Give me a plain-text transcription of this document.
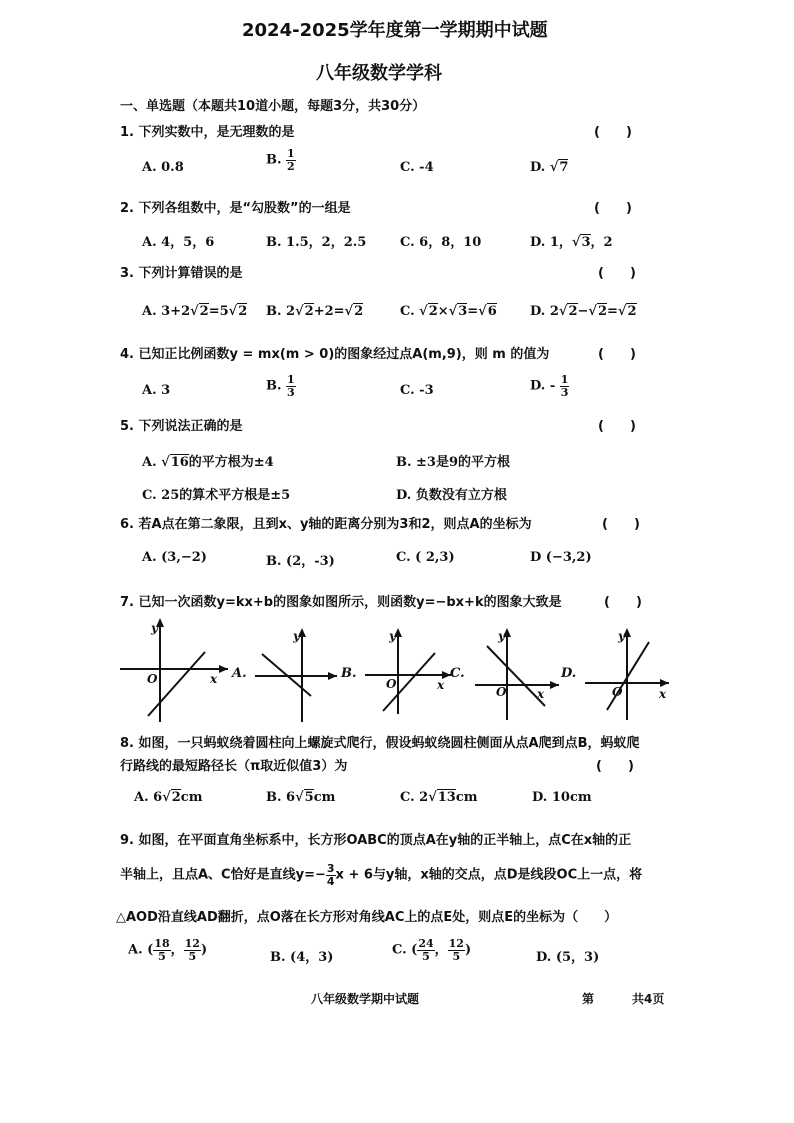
2024-2025学年度第一学期期中试题
八年级数学学科
一、单选题（本题共10道小题，每题3分，共30分）
1. 下列实数中，是无理数的是	(　　)
A. 0.8	B. $\frac{1}{2}$	C. -4	D. √7
2. 下列各组数中，是“勾股数”的一组是	(　　)
A. 4，5，6	B. 1.5，2，2.5	C. 6，8，10	D. 1，√3，2
3. 下列计算错误的是	(　　)
A. 3+2√2=5√2 B. 2√2+2=√2	C. √2×√3=√6	D. 2√2−√2=√2
4. 已知正比例函数y = mx(m > 0)的图象经过点A(m,9)，则 m 的值为	(　　)
A. 3	B. $\frac{1}{3}$	C. -3	D. - $\frac{1}{3}$
5. 下列说法正确的是	(　　)
A. √16的平方根为±4	B. ±3是9的平方根
C. 25的算术平方根是±5	D. 负数没有立方根
6. 若A点在第二象限，且到x、y轴的距离分别为3和2，则点A的坐标为	(　　)
A. (3,−2)	B. (2，-3)	C. ( 2,3)	D (−3,2)
7. 已知一次函数y=kx+b的图象如图所示，则函数y=−bx+k的图象大致是	(　　)
y
x
O
y	y
x
y
x
O
O
y
x
O
A.	B.	C.	D.
8. 如图，一只蚂蚁绕着圆柱向上螺旋式爬行，假设蚂蚁绕圆柱侧面从点A爬到点B，蚂蚁爬
行路线的最短路径长（π取近似值3）为	(　　)
A. 6√2cm	B. 6√5cm	C. 2√13cm	D. 10cm
9. 如图，在平面直角坐标系中，长方形OABC的顶点A在y轴的正半轴上，点C在x轴的正
半轴上，且点A、C恰好是直线$y=- \frac{3}{4}$ x + 6与y轴，x轴的交点，点D是线段OC上一点，将
△AOD沿直线AD翻折，点O落在长方形对角线AC上的点E处，则点E的坐标为（　　）
A. ( $\frac{18}{5}$ ， $\frac{12}{5}$ )	B. (4，3)	C. ( $\frac{24}{5}$ ， $\frac{12}{5}$ )	D. (5，3)
八年级数学期中试题	第	共4页
